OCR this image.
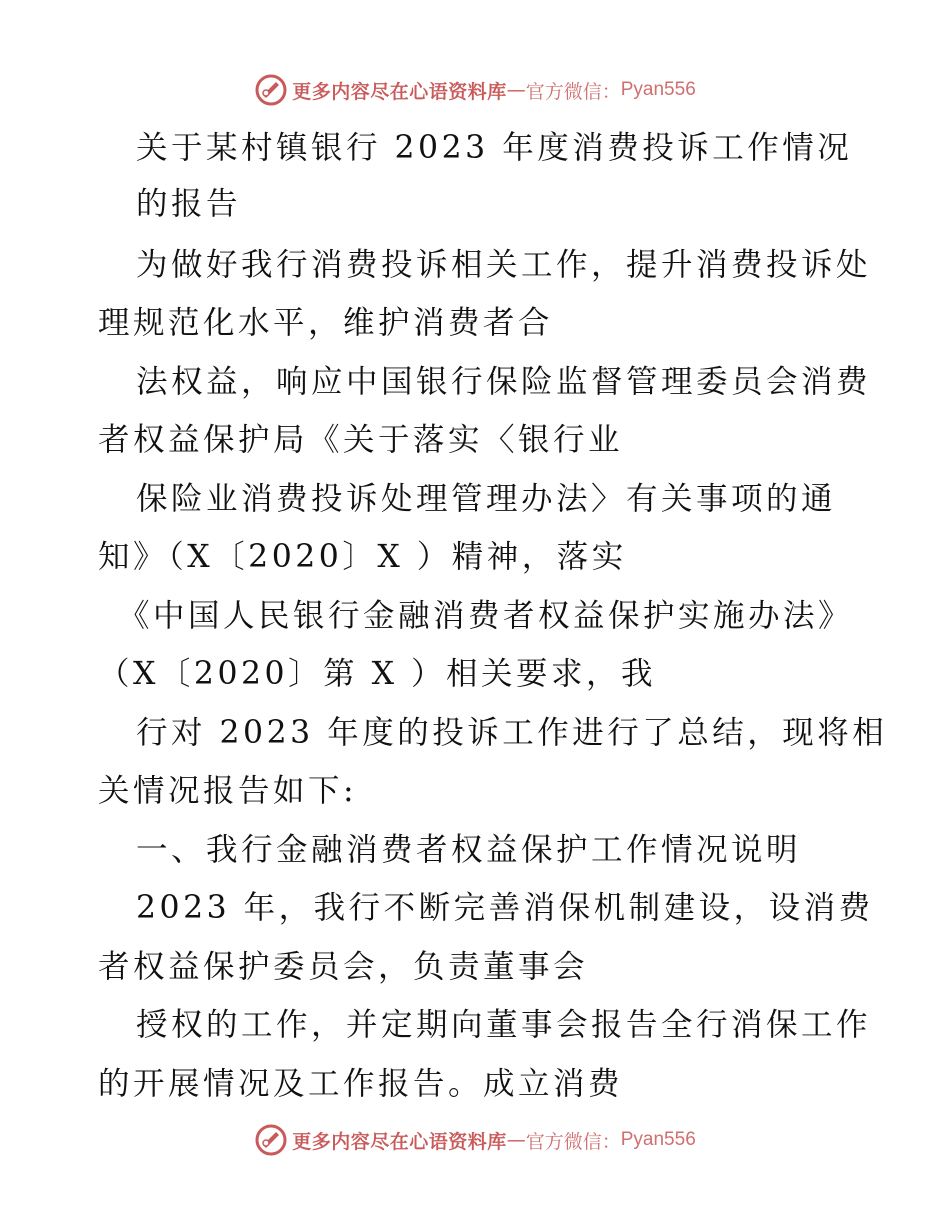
更多内容尽在心语资料库 — 官方微信： Pyan556
关于某村镇银行 2023 年度消费投诉工作情况
的报告
为做好我行消费投诉相关工作，提升消费投诉处
理规范化水平，维护消费者合
法权益，响应中国银行保险监督管理委员会消费
者权益保护局《关于落实〈银行业
保险业消费投诉处理管理办法〉有关事项的通
知》（X〔2020〕X ）精神，落实
《中国人民银行金融消费者权益保护实施办法》
（X〔2020〕第 X ）相关要求，我
行对 2023 年度的投诉工作进行了总结，现将相
关情况报告如下:
一、我行金融消费者权益保护工作情况说明
2023 年，我行不断完善消保机制建设，设消费
者权益保护委员会，负责董事会
授权的工作，并定期向董事会报告全行消保工作
的开展情况及工作报告。成立消费
更多内容尽在心语资料库 — 官方微信： Pyan556
